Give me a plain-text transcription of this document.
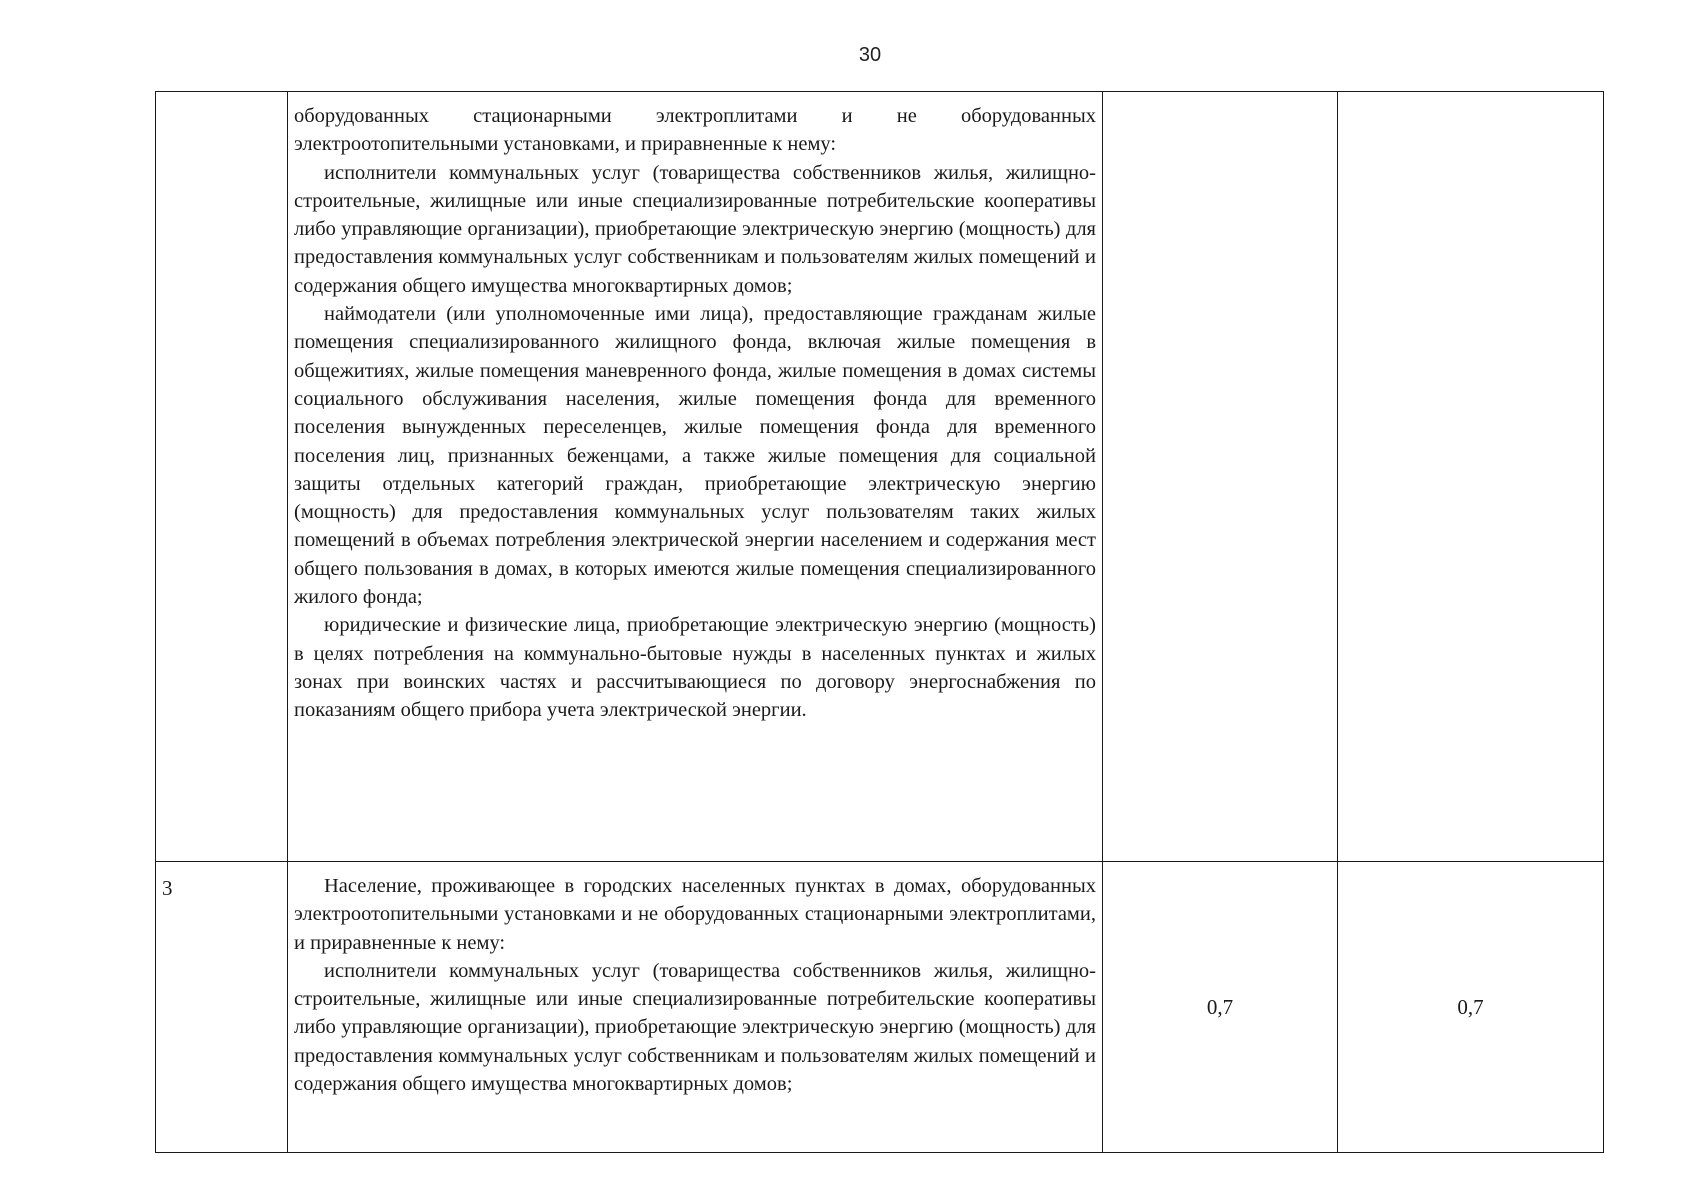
30

	оборудованных стационарными электроплитами и не оборудованных электроотопительными установками, и приравненные к нему:

исполнители коммунальных услуг (товарищества собственников жилья, жилищно-строительные, жилищные или иные специализированные потребительские кооперативы либо управляющие организации), приобретающие электрическую энергию (мощность) для предоставления коммунальных услуг собственникам и пользователям жилых помещений и содержания общего имущества многоквартирных домов;

наймодатели (или уполномоченные ими лица), предоставляющие гражданам жилые помещения специализированного жилищного фонда, включая жилые помещения в общежитиях, жилые помещения маневренного фонда, жилые помещения в домах системы социального обслуживания населения, жилые помещения фонда для временного поселения вынужденных переселенцев, жилые помещения фонда для временного поселения лиц, признанных беженцами, а также жилые помещения для социальной защиты отдельных категорий граждан, приобретающие электрическую энергию (мощность) для предоставления коммунальных услуг пользователям таких жилых помещений в объемах потребления электрической энергии населением и содержания мест общего пользования в домах, в которых имеются жилые помещения специализированного жилого фонда;

юридические и физические лица, приобретающие электрическую энергию (мощность) в целях потребления на коммунально-бытовые нужды в населенных пунктах и жилых зонах при воинских частях и рассчитывающиеся по договору энергоснабжения по показаниям общего прибора учета электрической энергии.		

3	Население, проживающее в городских населенных пунктах в домах, оборудованных электроотопительными установками и не оборудованных стационарными электроплитами, и приравненные к нему:

исполнители коммунальных услуг (товарищества собственников жилья, жилищно-строительные, жилищные или иные специализированные потребительские кооперативы либо управляющие организации), приобретающие электрическую энергию (мощность) для предоставления коммунальных услуг собственникам и пользователям жилых помещений и содержания общего имущества многоквартирных домов;	0,7	0,7
